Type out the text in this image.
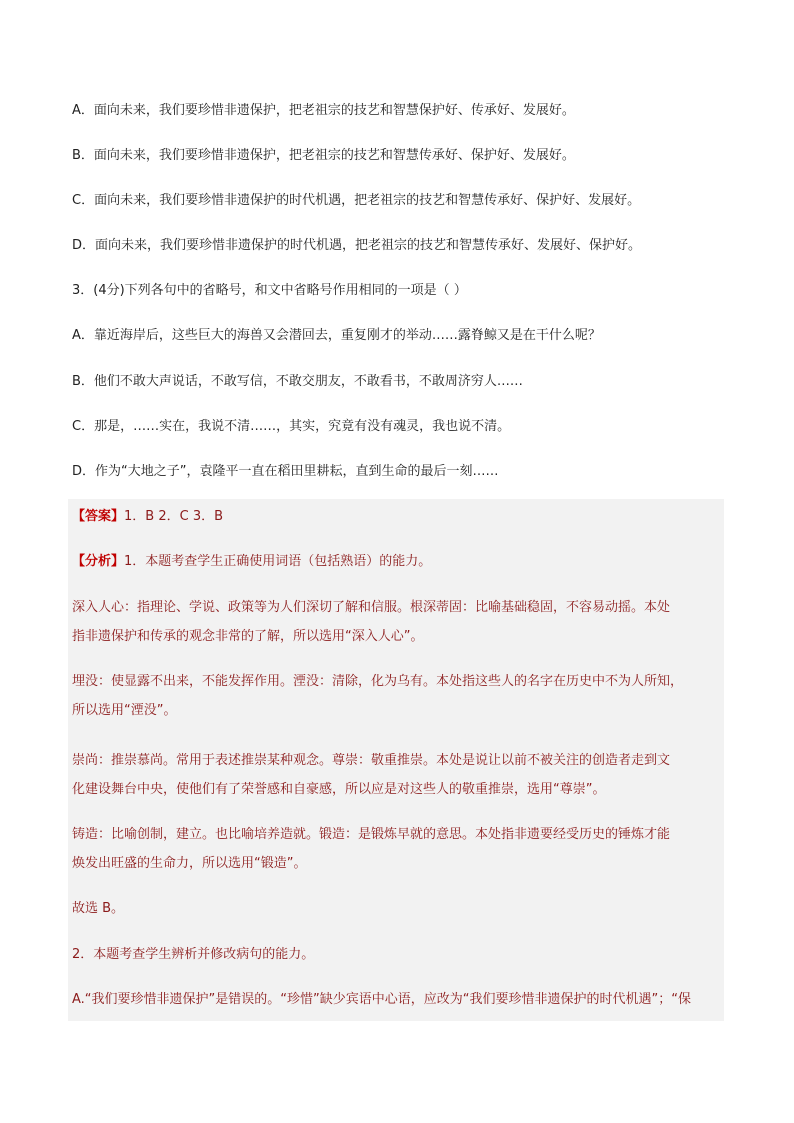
A．面向未来，我们要珍惜非遗保护，把老祖宗的技艺和智慧保护好、传承好、发展好。
B．面向未来，我们要珍惜非遗保护，把老祖宗的技艺和智慧传承好、保护好、发展好。
C．面向未来，我们要珍惜非遗保护的时代机遇，把老祖宗的技艺和智慧传承好、保护好、发展好。
D．面向未来，我们要珍惜非遗保护的时代机遇，把老祖宗的技艺和智慧传承好、发展好、保护好。
3．(4分)下列各句中的省略号，和文中省略号作用相同的一项是（ ）
A．靠近海岸后，这些巨大的海兽又会潜回去，重复刚才的举动……露脊鲸又是在干什么呢？
B．他们不敢大声说话，不敢写信，不敢交朋友，不敢看书，不敢周济穷人……
C．那是，……实在，我说不清……，其实，究竟有没有魂灵，我也说不清。
D．作为“大地之子”，袁隆平一直在稻田里耕耘，直到生命的最后一刻……
【答案】1．B 2．C 3．B
【分析】1．本题考查学生正确使用词语（包括熟语）的能力。
深入人心：指理论、学说、政策等为人们深切了解和信服。根深蒂固：比喻基础稳固，不容易动摇。本处
指非遗保护和传承的观念非常的了解，所以选用“深入人心”。
埋没：使显露不出来，不能发挥作用。湮没：清除，化为乌有。本处指这些人的名字在历史中不为人所知，
所以选用“湮没”。
崇尚：推崇慕尚。常用于表述推崇某种观念。尊崇：敬重推崇。本处是说让以前不被关注的创造者走到文
化建设舞台中央，使他们有了荣誉感和自豪感，所以应是对这些人的敬重推崇，选用“尊崇”。
铸造：比喻创制，建立。也比喻培养造就。锻造：是锻炼早就的意思。本处指非遗要经受历史的锤炼才能
焕发出旺盛的生命力，所以选用“锻造”。
故选 B。
2．本题考查学生辨析并修改病句的能力。
A.“我们要珍惜非遗保护”是错误的。“珍惜”缺少宾语中心语，应改为“我们要珍惜非遗保护的时代机遇”；“保
